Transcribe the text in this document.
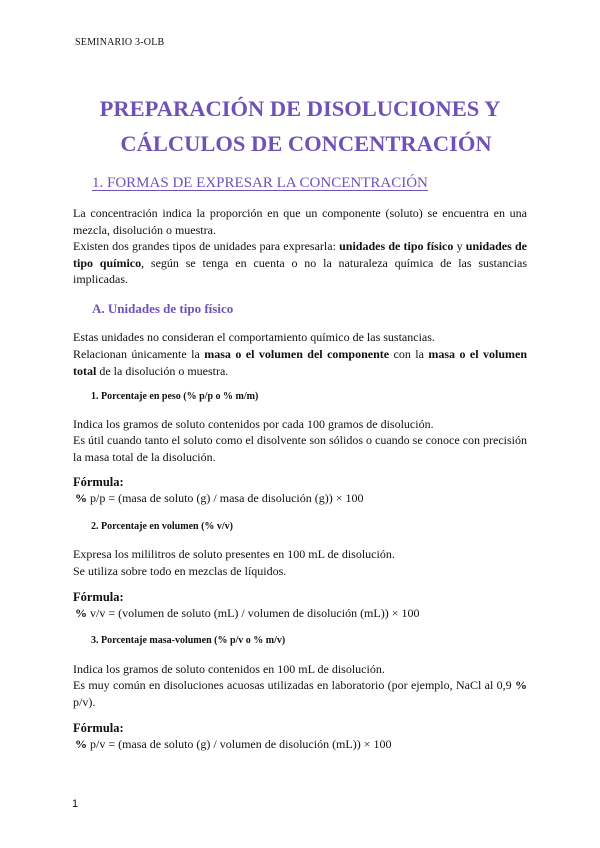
SEMINARIO 3-OLB
PREPARACIÓN DE DISOLUCIONES Y
CÁLCULOS DE CONCENTRACIÓN
1. FORMAS DE EXPRESAR LA CONCENTRACIÓN
La concentración indica la proporción en que un componente (soluto) se encuentra en una mezcla, disolución o muestra.
Existen dos grandes tipos de unidades para expresarla: unidades de tipo físico y unidades de tipo químico, según se tenga en cuenta o no la naturaleza química de las sustancias implicadas.
A. Unidades de tipo físico
Estas unidades no consideran el comportamiento químico de las sustancias.
Relacionan únicamente la masa o el volumen del componente con la masa o el volumen total de la disolución o muestra.
1. Porcentaje en peso (% p/p o % m/m)
Indica los gramos de soluto contenidos por cada 100 gramos de disolución.
Es útil cuando tanto el soluto como el disolvente son sólidos o cuando se conoce con precisión la masa total de la disolución.
Fórmula:
% p/p = (masa de soluto (g) / masa de disolución (g)) × 100
2. Porcentaje en volumen (% v/v)
Expresa los mililitros de soluto presentes en 100 mL de disolución.
Se utiliza sobre todo en mezclas de líquidos.
Fórmula:
% v/v = (volumen de soluto (mL) / volumen de disolución (mL)) × 100
3. Porcentaje masa-volumen (% p/v o % m/v)
Indica los gramos de soluto contenidos en 100 mL de disolución.
Es muy común en disoluciones acuosas utilizadas en laboratorio (por ejemplo, NaCl al 0,9 % p/v).
Fórmula:
% p/v = (masa de soluto (g) / volumen de disolución (mL)) × 100
1
